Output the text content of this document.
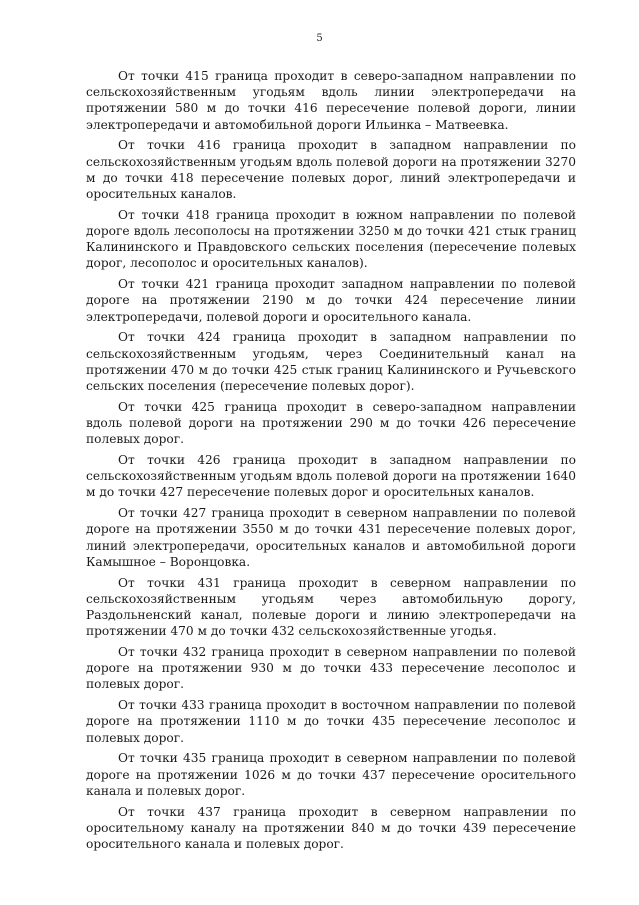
5

От точки 415 граница проходит в северо-западном направлении по сельскохозяйственным угодьям вдоль линии электропередачи на протяжении 580 м до точки 416 пересечение полевой дороги, линии электропередачи и автомобильной дороги Ильинка – Матвеевка.

От точки 416 граница проходит в западном направлении по сельскохозяйственным угодьям вдоль полевой дороги на протяжении 3270 м до точки 418 пересечение полевых дорог, линий электропередачи и оросительных каналов.

От точки 418 граница проходит в южном направлении по полевой дороге вдоль лесополосы на протяжении 3250 м до точки 421 стык границ Калининского и Правдовского сельских поселения (пересечение полевых дорог, лесополос и оросительных каналов).

От точки 421 граница проходит западном направлении по полевой дороге на протяжении 2190 м до точки 424 пересечение линии электропередачи, полевой дороги и оросительного канала.

От точки 424 граница проходит в западном направлении по сельскохозяйственным угодьям, через Соединительный канал на протяжении 470 м до точки 425 стык границ Калининского и Ручьевского сельских поселения (пересечение полевых дорог).

От точки 425 граница проходит в северо-западном направлении вдоль полевой дороги на протяжении 290 м до точки 426 пересечение полевых дорог.

От точки 426 граница проходит в западном направлении по сельскохозяйственным угодьям вдоль полевой дороги на протяжении 1640 м до точки 427 пересечение полевых дорог и оросительных каналов.

От точки 427 граница проходит в северном направлении по полевой дороге на протяжении 3550 м до точки 431 пересечение полевых дорог, линий электропередачи, оросительных каналов и автомобильной дороги Камышное – Воронцовка.

От точки 431 граница проходит в северном направлении по сельскохозяйственным угодьям через автомобильную дорогу, Раздольненский канал, полевые дороги и линию электропередачи на протяжении 470 м до точки 432 сельскохозяйственные угодья.

От точки 432 граница проходит в северном направлении по полевой дороге на протяжении 930 м до точки 433 пересечение лесополос и полевых дорог.

От точки 433 граница проходит в восточном направлении по полевой дороге на протяжении 1110 м до точки 435 пересечение лесополос и полевых дорог.

От точки 435 граница проходит в северном направлении по полевой дороге на протяжении 1026 м до точки 437 пересечение оросительного канала и полевых дорог.

От точки 437 граница проходит в северном направлении по оросительному каналу на протяжении 840 м до точки 439 пересечение оросительного канала и полевых дорог.
